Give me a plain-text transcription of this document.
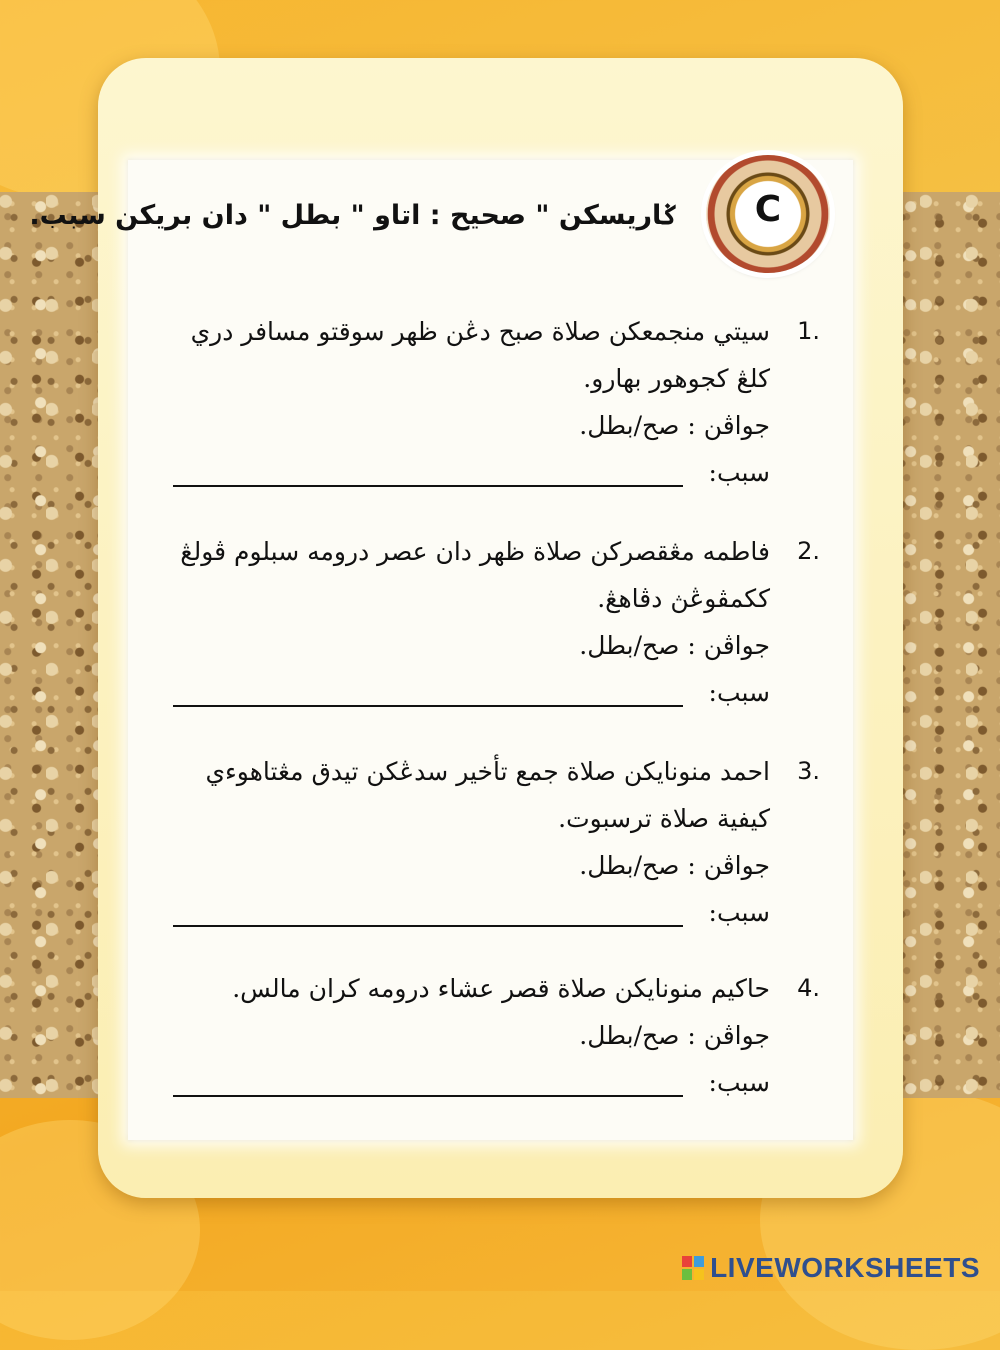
ݢاريسکن " صحيح : اتاو " بطل " دان بريکن سبب.
1.
سيتي منجمعکن صلاة صبح دڠن ظهر سوقتو مسافر دري
کلڠ کجوهور بهارو.
جواڤن : صح/بطل.
سبب:
2.
فاطمه مڠقصرکن صلاة ظهر دان عصر درومه سبلوم ڤولڠ
ککمڤوڠڽ دڤاهڠ.
جواڤن : صح/بطل.
سبب:
3.
احمد منونايکن صلاة جمع تأخير سدڠکن تيدق مڠتاهوءي
کيفية صلاة ترسبوت.
جواڤن : صح/بطل.
سبب:
4.
حاکيم منونايکن صلاة قصر عشاء درومه کران مالس.
جواڤن : صح/بطل.
سبب:
C
LIVEWORKSHEETS
